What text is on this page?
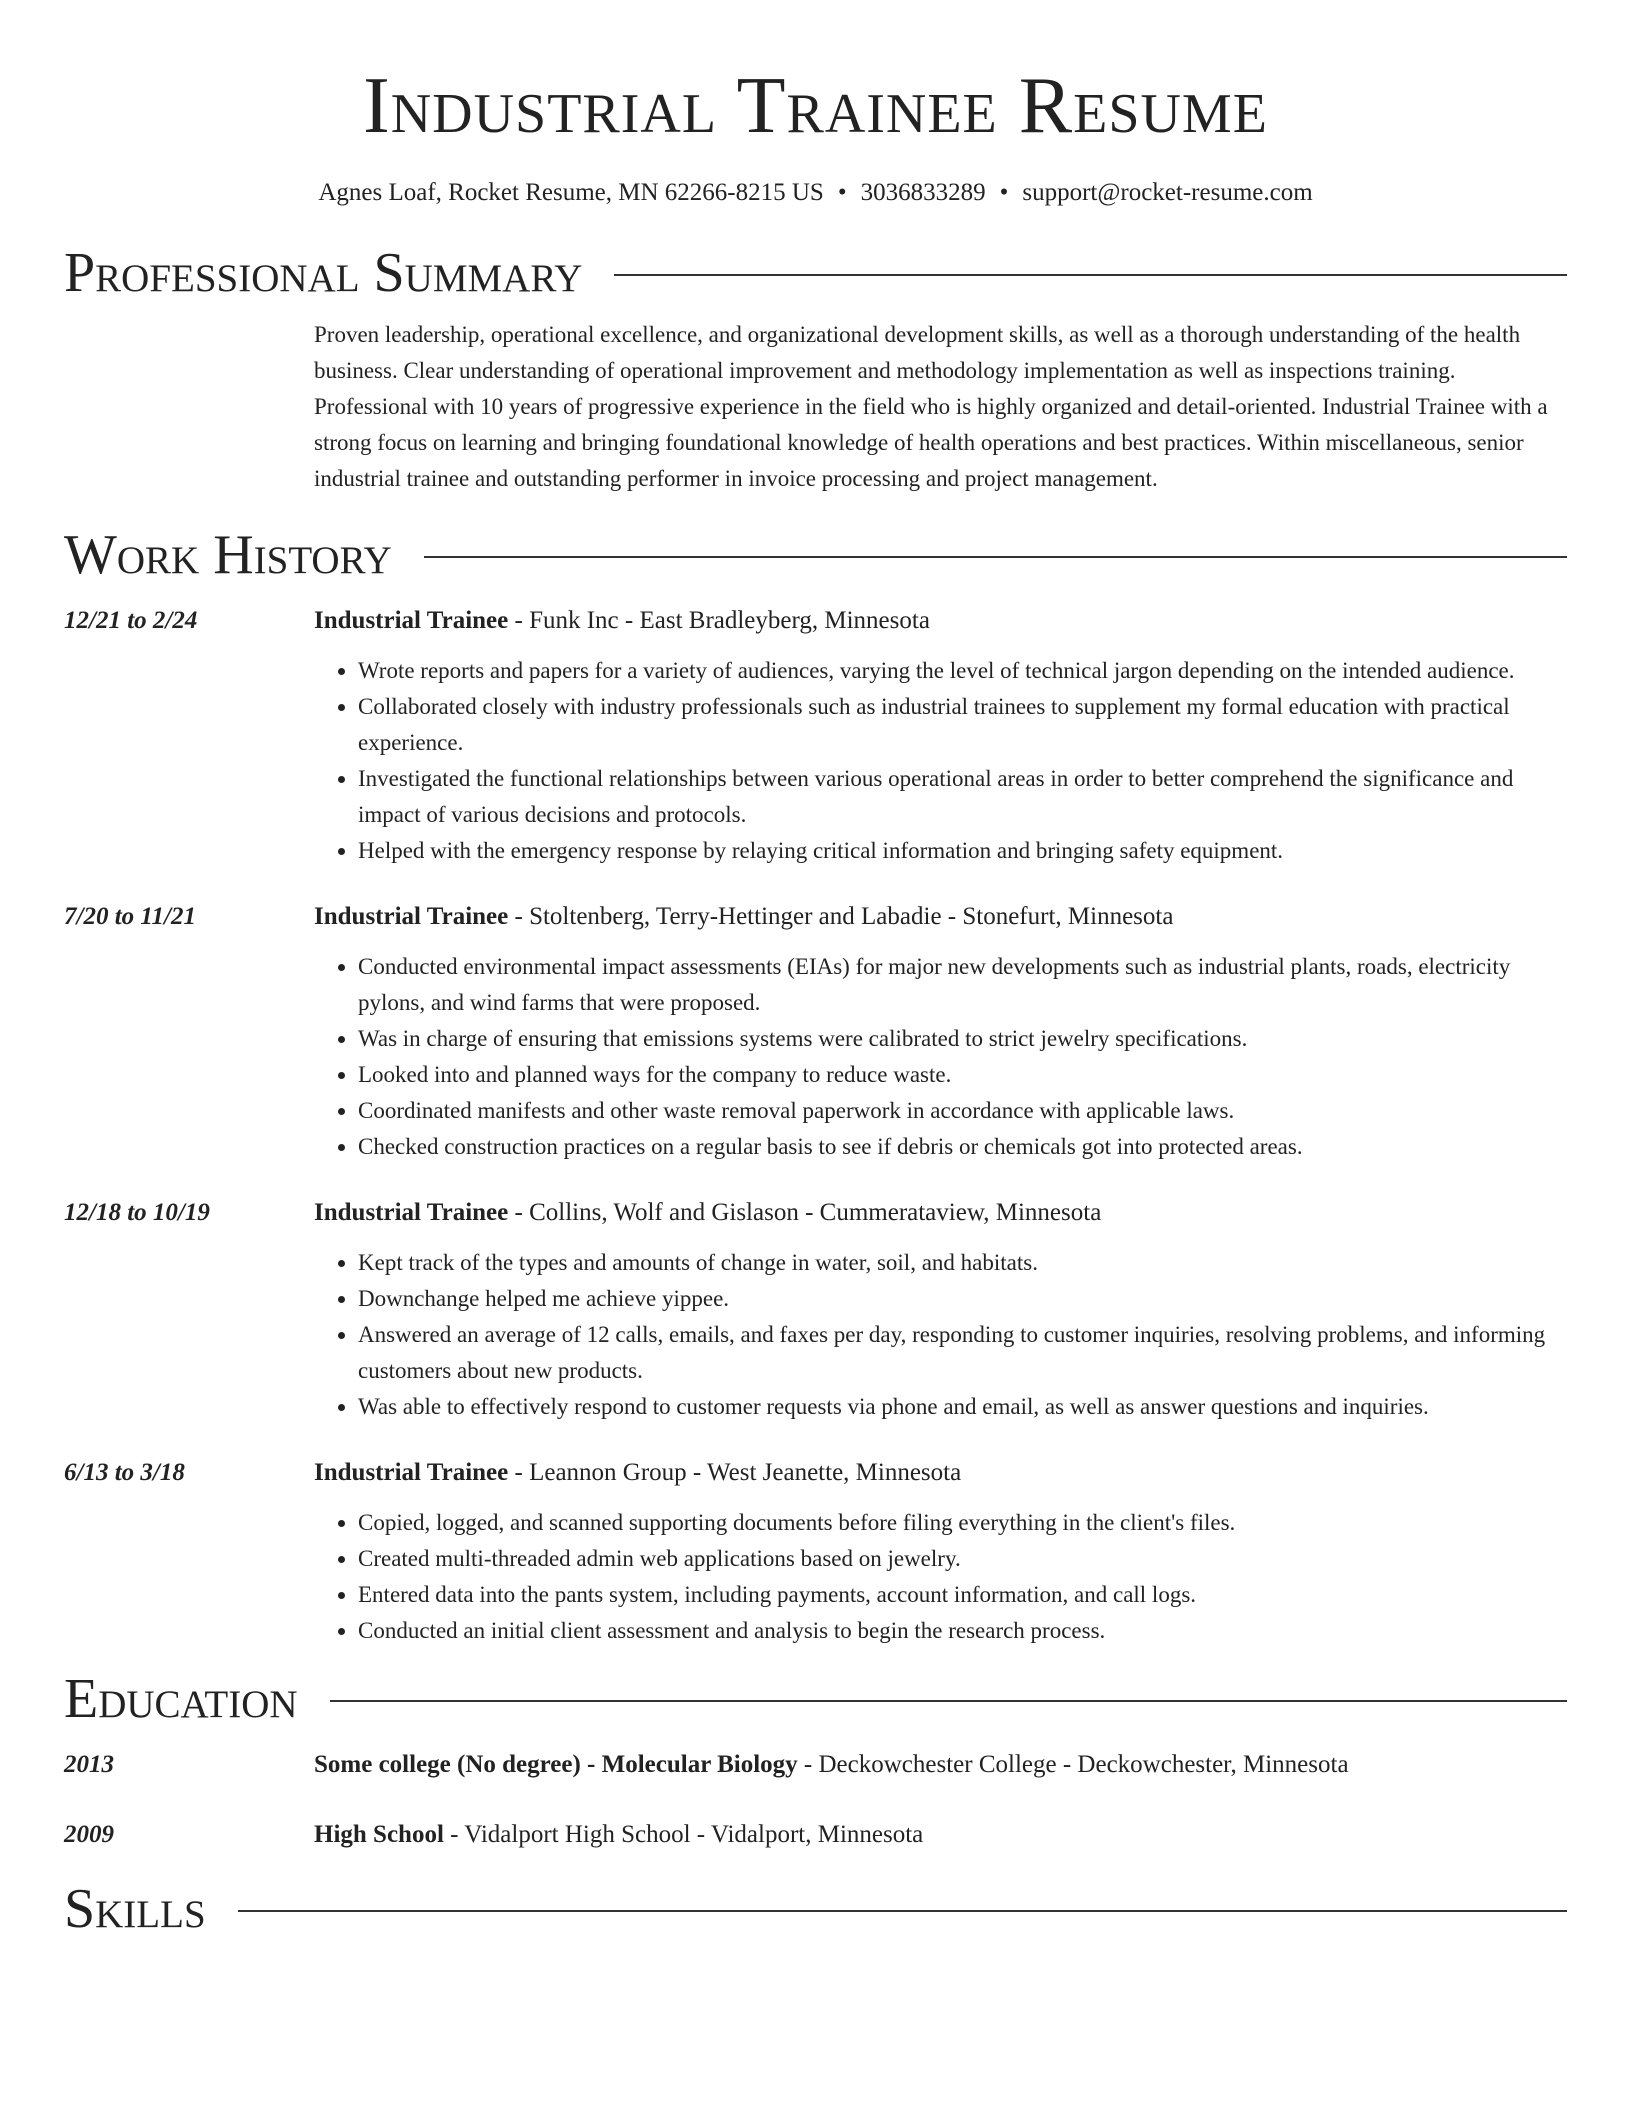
Industrial Trainee Resume
Agnes Loaf, Rocket Resume, MN 62266-8215 US • 3036833289 • support@rocket-resume.com
Professional Summary
Proven leadership, operational excellence, and organizational development skills, as well as a thorough understanding of the health business. Clear understanding of operational improvement and methodology implementation as well as inspections training. Professional with 10 years of progressive experience in the field who is highly organized and detail-oriented. Industrial Trainee with a strong focus on learning and bringing foundational knowledge of health operations and best practices. Within miscellaneous, senior industrial trainee and outstanding performer in invoice processing and project management.
Work History
12/21 to 2/24	Industrial Trainee - Funk Inc - East Bradleyberg, Minnesota
• Wrote reports and papers for a variety of audiences, varying the level of technical jargon depending on the intended audience.
• Collaborated closely with industry professionals such as industrial trainees to supplement my formal education with practical experience.
• Investigated the functional relationships between various operational areas in order to better comprehend the significance and impact of various decisions and protocols.
• Helped with the emergency response by relaying critical information and bringing safety equipment.
7/20 to 11/21	Industrial Trainee - Stoltenberg, Terry-Hettinger and Labadie - Stonefurt, Minnesota
• Conducted environmental impact assessments (EIAs) for major new developments such as industrial plants, roads, electricity pylons, and wind farms that were proposed.
• Was in charge of ensuring that emissions systems were calibrated to strict jewelry specifications.
• Looked into and planned ways for the company to reduce waste.
• Coordinated manifests and other waste removal paperwork in accordance with applicable laws.
• Checked construction practices on a regular basis to see if debris or chemicals got into protected areas.
12/18 to 10/19	Industrial Trainee - Collins, Wolf and Gislason - Cummerataview, Minnesota
• Kept track of the types and amounts of change in water, soil, and habitats.
• Downchange helped me achieve yippee.
• Answered an average of 12 calls, emails, and faxes per day, responding to customer inquiries, resolving problems, and informing customers about new products.
• Was able to effectively respond to customer requests via phone and email, as well as answer questions and inquiries.
6/13 to 3/18	Industrial Trainee - Leannon Group - West Jeanette, Minnesota
• Copied, logged, and scanned supporting documents before filing everything in the client's files.
• Created multi-threaded admin web applications based on jewelry.
• Entered data into the pants system, including payments, account information, and call logs.
• Conducted an initial client assessment and analysis to begin the research process.
Education
2013	Some college (No degree) - Molecular Biology - Deckowchester College - Deckowchester, Minnesota
2009	High School - Vidalport High School - Vidalport, Minnesota
Skills
